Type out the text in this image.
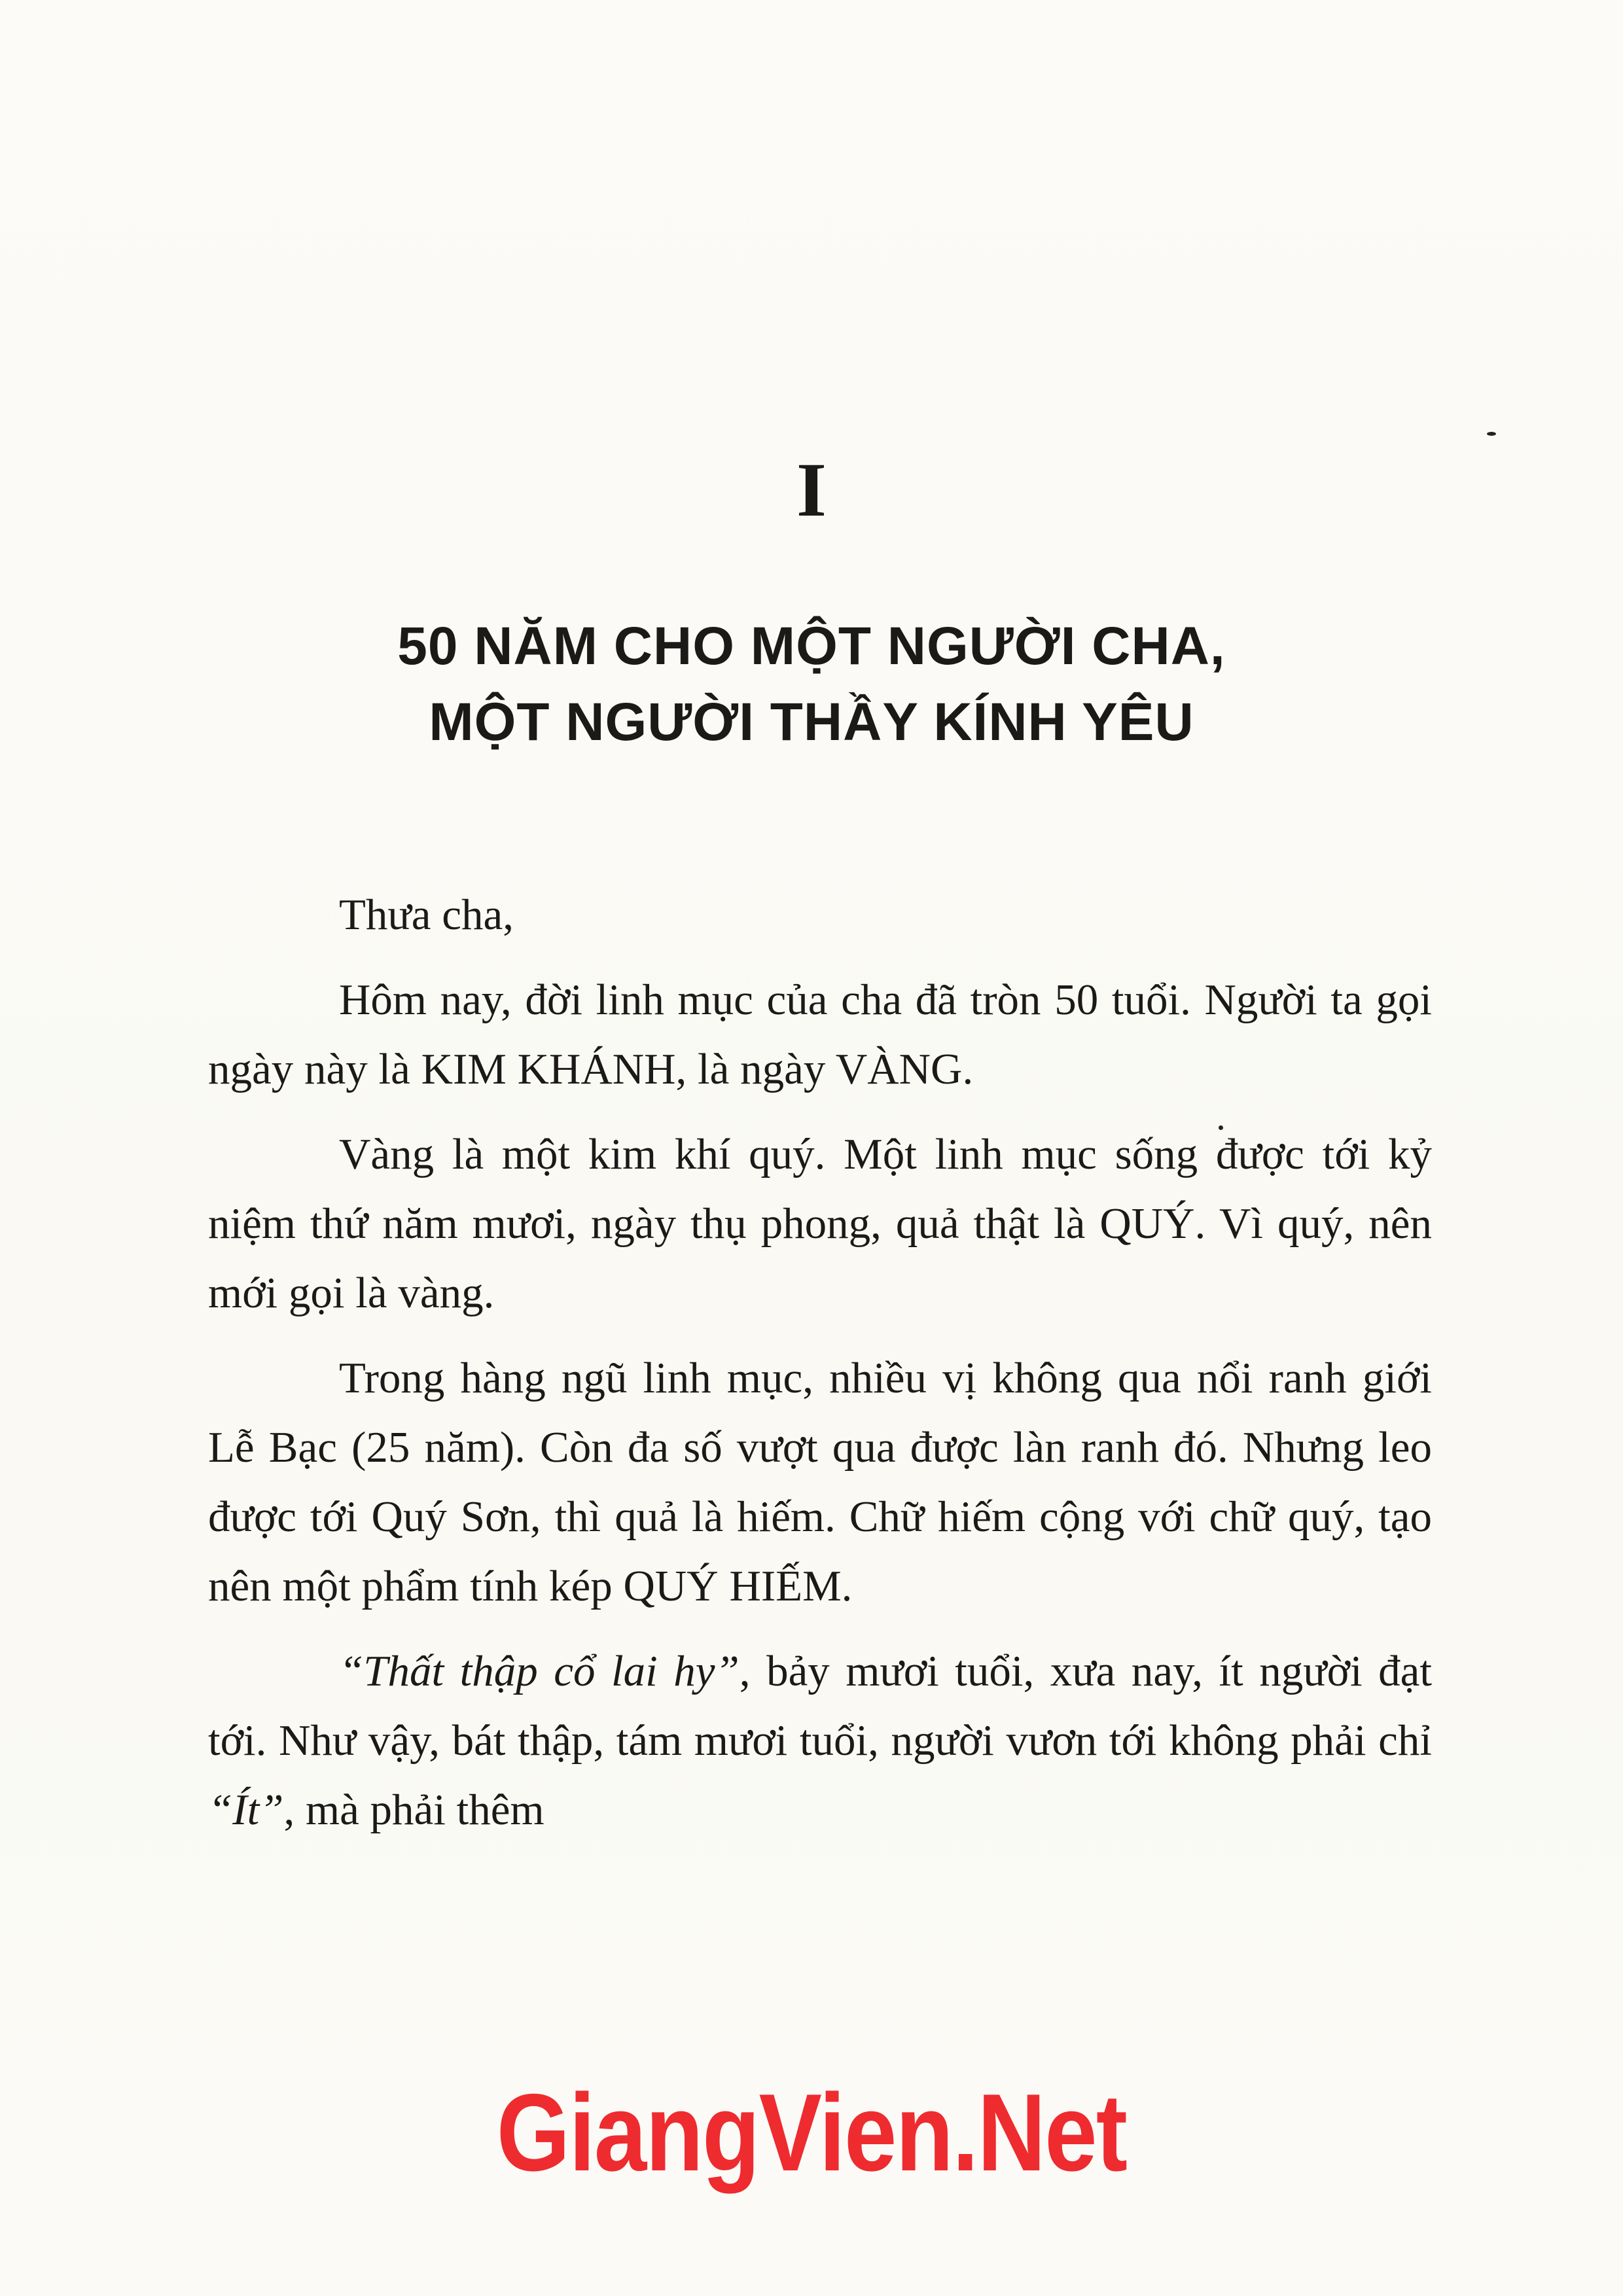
I
50 NĂM CHO MỘT NGƯỜI CHA,
MỘT NGƯỜI THẦY KÍNH YÊU

Thưa cha,

Hôm nay, đời linh mục của cha đã tròn 50 tuổi. Người ta gọi ngày này là KIM KHÁNH, là ngày VÀNG.

Vàng là một kim khí quý. Một linh mục sống được tới kỷ niệm thứ năm mươi, ngày thụ phong, quả thật là QUÝ. Vì quý, nên mới gọi là vàng.

Trong hàng ngũ linh mục, nhiều vị không qua nổi ranh giới Lễ Bạc (25 năm). Còn đa số vượt qua được làn ranh đó. Nhưng leo được tới Quý Sơn, thì quả là hiếm. Chữ hiếm cộng với chữ quý, tạo nên một phẩm tính kép QUÝ HIẾM.

“Thất thập cổ lai hy”, bảy mươi tuổi, xưa nay, ít người đạt tới. Như vậy, bát thập, tám mươi tuổi, người vươn tới không phải chỉ “Ít”, mà phải thêm

GiangVien.Net
